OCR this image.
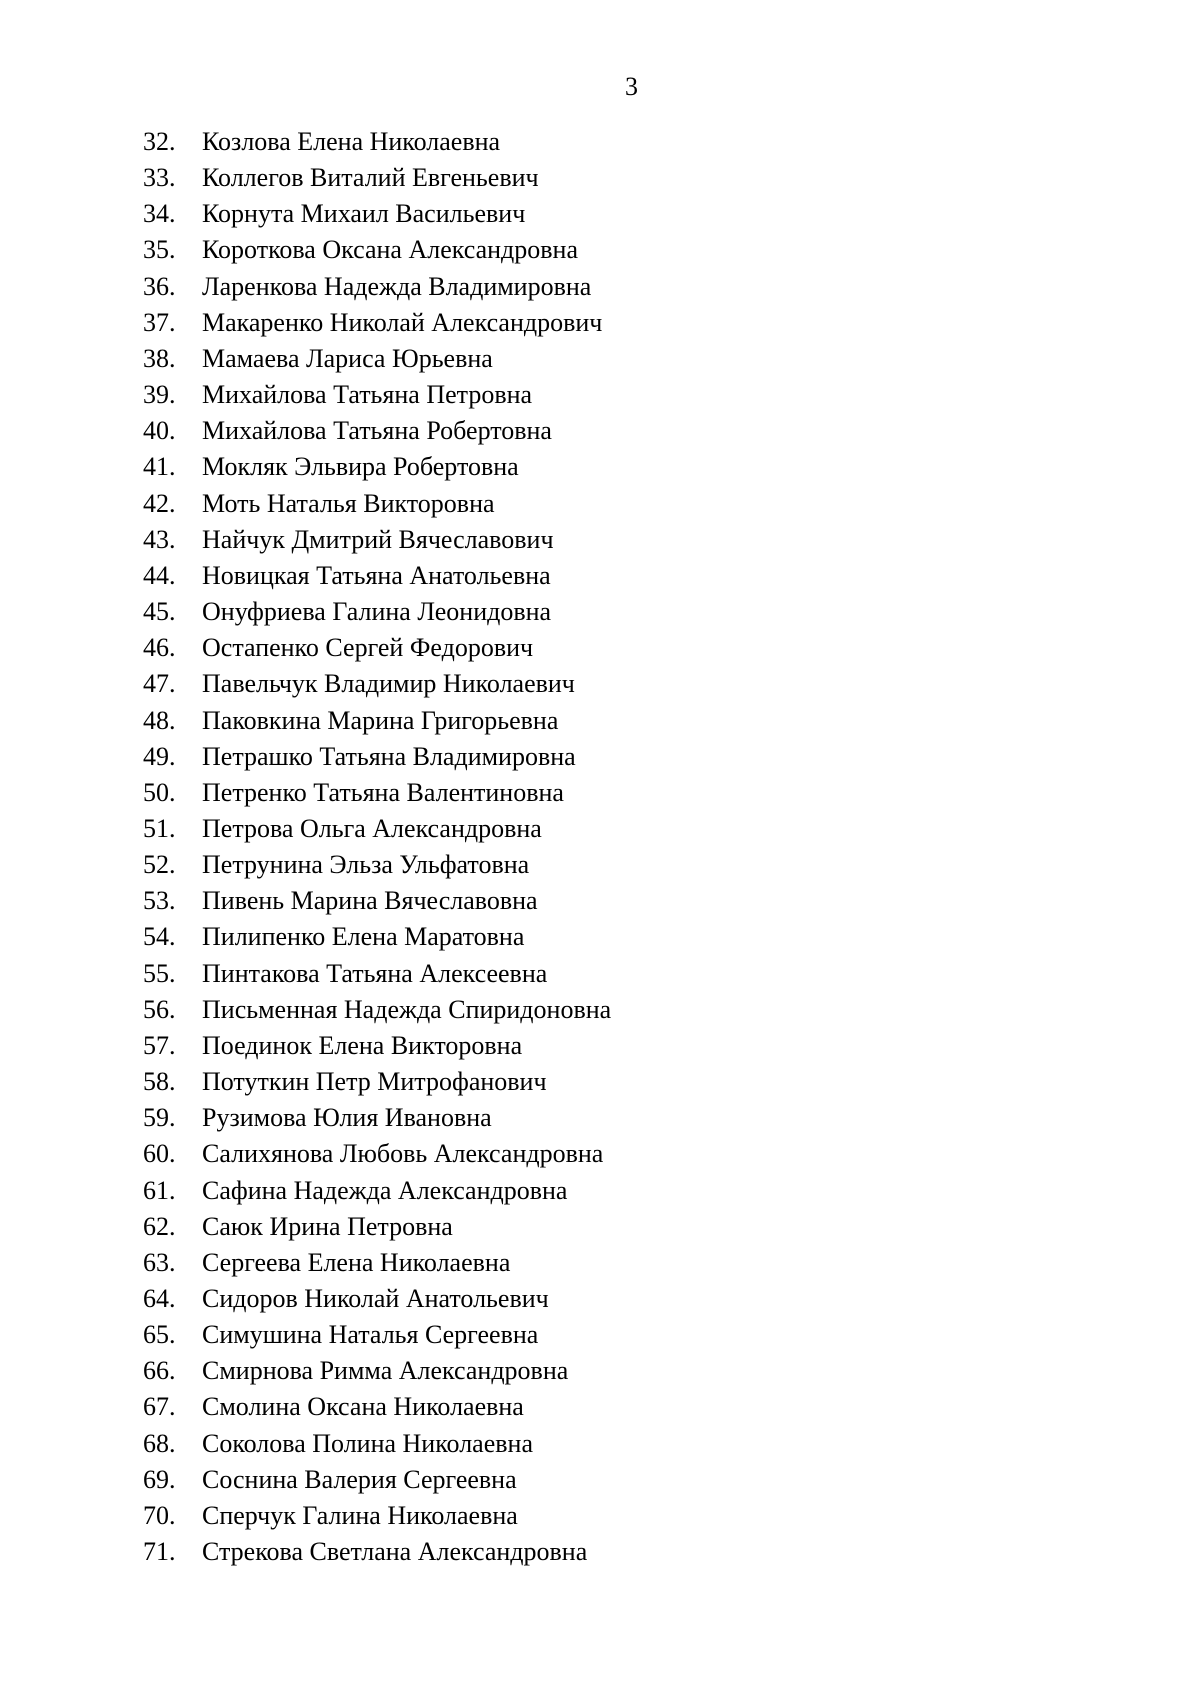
3
32. Козлова Елена Николаевна
33. Коллегов Виталий Евгеньевич
34. Корнута Михаил Васильевич
35. Короткова Оксана Александровна
36. Ларенкова Надежда Владимировна
37. Макаренко Николай Александрович
38. Мамаева Лариса Юрьевна
39. Михайлова Татьяна Петровна
40. Михайлова Татьяна Робертовна
41. Мокляк Эльвира Робертовна
42. Моть Наталья Викторовна
43. Найчук Дмитрий Вячеславович
44. Новицкая Татьяна Анатольевна
45. Онуфриева Галина Леонидовна
46. Остапенко Сергей Федорович
47. Павельчук Владимир Николаевич
48. Паковкина Марина Григорьевна
49. Петрашко Татьяна Владимировна
50. Петренко Татьяна Валентиновна
51. Петрова Ольга Александровна
52. Петрунина Эльза Ульфатовна
53. Пивень Марина Вячеславовна
54. Пилипенко Елена Маратовна
55. Пинтакова Татьяна Алексеевна
56. Письменная Надежда Спиридоновна
57. Поединок Елена Викторовна
58. Потуткин Петр Митрофанович
59. Рузимова Юлия Ивановна
60. Салихянова Любовь Александровна
61. Сафина Надежда Александровна
62. Саюк Ирина Петровна
63. Сергеева Елена Николаевна
64. Сидоров Николай Анатольевич
65. Симушина Наталья Сергеевна
66. Смирнова Римма Александровна
67. Смолина Оксана Николаевна
68. Соколова Полина Николаевна
69. Соснина Валерия Сергеевна
70. Сперчук Галина Николаевна
71. Стрекова Светлана Александровна
